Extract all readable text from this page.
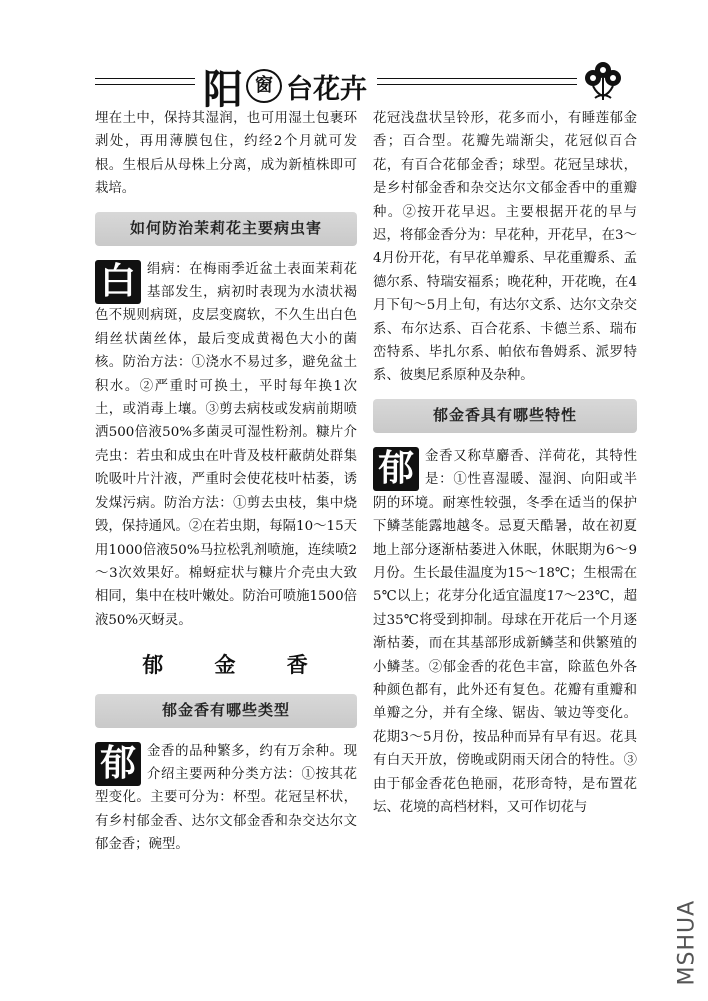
阳 窗 台花卉

埋在土中，保持其湿润，也可用湿土包裹环剥处，再用薄膜包住，约经2个月就可发根。生根后从母株上分离，成为新植株即可栽培。

如何防治茉莉花主要病虫害

白 绢病：在梅雨季近盆土表面茉莉花基部发生，病初时表现为水渍状褐色不规则病斑，皮层变腐软，不久生出白色绢丝状菌丝体，最后变成黄褐色大小的菌核。防治方法：①浇水不易过多，避免盆土积水。②严重时可换土，平时每年换1次土，或消毒上壤。③剪去病枝或发病前期喷洒500倍液50%多菌灵可湿性粉剂。糠片介壳虫：若虫和成虫在叶背及枝杆蔽荫处群集吮吸叶片汁液，严重时会使花枝叶枯萎，诱发煤污病。防治方法：①剪去虫枝，集中烧毁，保持通风。②在若虫期，每隔10～15天用1000倍液50%马拉松乳剂喷施，连续喷2～3次效果好。棉蚜症状与糠片介壳虫大致相同，集中在枝叶嫩处。防治可喷施1500倍液50%灭蚜灵。

郁 金 香
郁金香有哪些类型

郁 金香的品种繁多，约有万余种。现介绍主要两种分类方法：①按其花型变化。主要可分为：杯型。花冠呈杯状，有乡村郁金香、达尔文郁金香和杂交达尔文郁金香；碗型。

花冠浅盘状呈铃形，花多而小，有睡莲郁金香；百合型。花瓣先端渐尖，花冠似百合花，有百合花郁金香；球型。花冠呈球状，是乡村郁金香和杂交达尔文郁金香中的重瓣种。②按开花早迟。主要根据开花的早与迟，将郁金香分为：早花种，开花早，在3～4月份开花，有早花单瓣系、早花重瓣系、孟德尔系、特瑞安福系；晚花种，开花晚，在4月下旬～5月上旬，有达尔文系、达尔文杂交系、布尔达系、百合花系、卡德兰系、瑞布峦特系、毕扎尔系、帕依布鲁姆系、派罗特系、彼奥尼系原种及杂种。

郁金香具有哪些特性

郁 金香又称草麝香、洋荷花，其特性是：①性喜湿暖、湿润、向阳或半阴的环境。耐寒性较强，冬季在适当的保护下鳞茎能露地越冬。忌夏天酷暑，故在初夏地上部分逐渐枯萎进入休眠，休眠期为6～9月份。生长最佳温度为15～18℃；生根需在5℃以上；花芽分化适宜温度17～23℃，超过35℃将受到抑制。母球在开花后一个月逐渐枯萎，而在其基部形成新鳞茎和供繁殖的小鳞茎。②郁金香的花色丰富，除蓝色外各种颜色都有，此外还有复色。花瓣有重瓣和单瓣之分，并有全缘、锯齿、皱边等变化。花期3～5月份，按品种而异有早有迟。花具有白天开放，傍晚或阴雨天闭合的特性。③由于郁金香花色艳丽，花形奇特，是布置花坛、花境的高档材料，又可作切花与

MSHUA
